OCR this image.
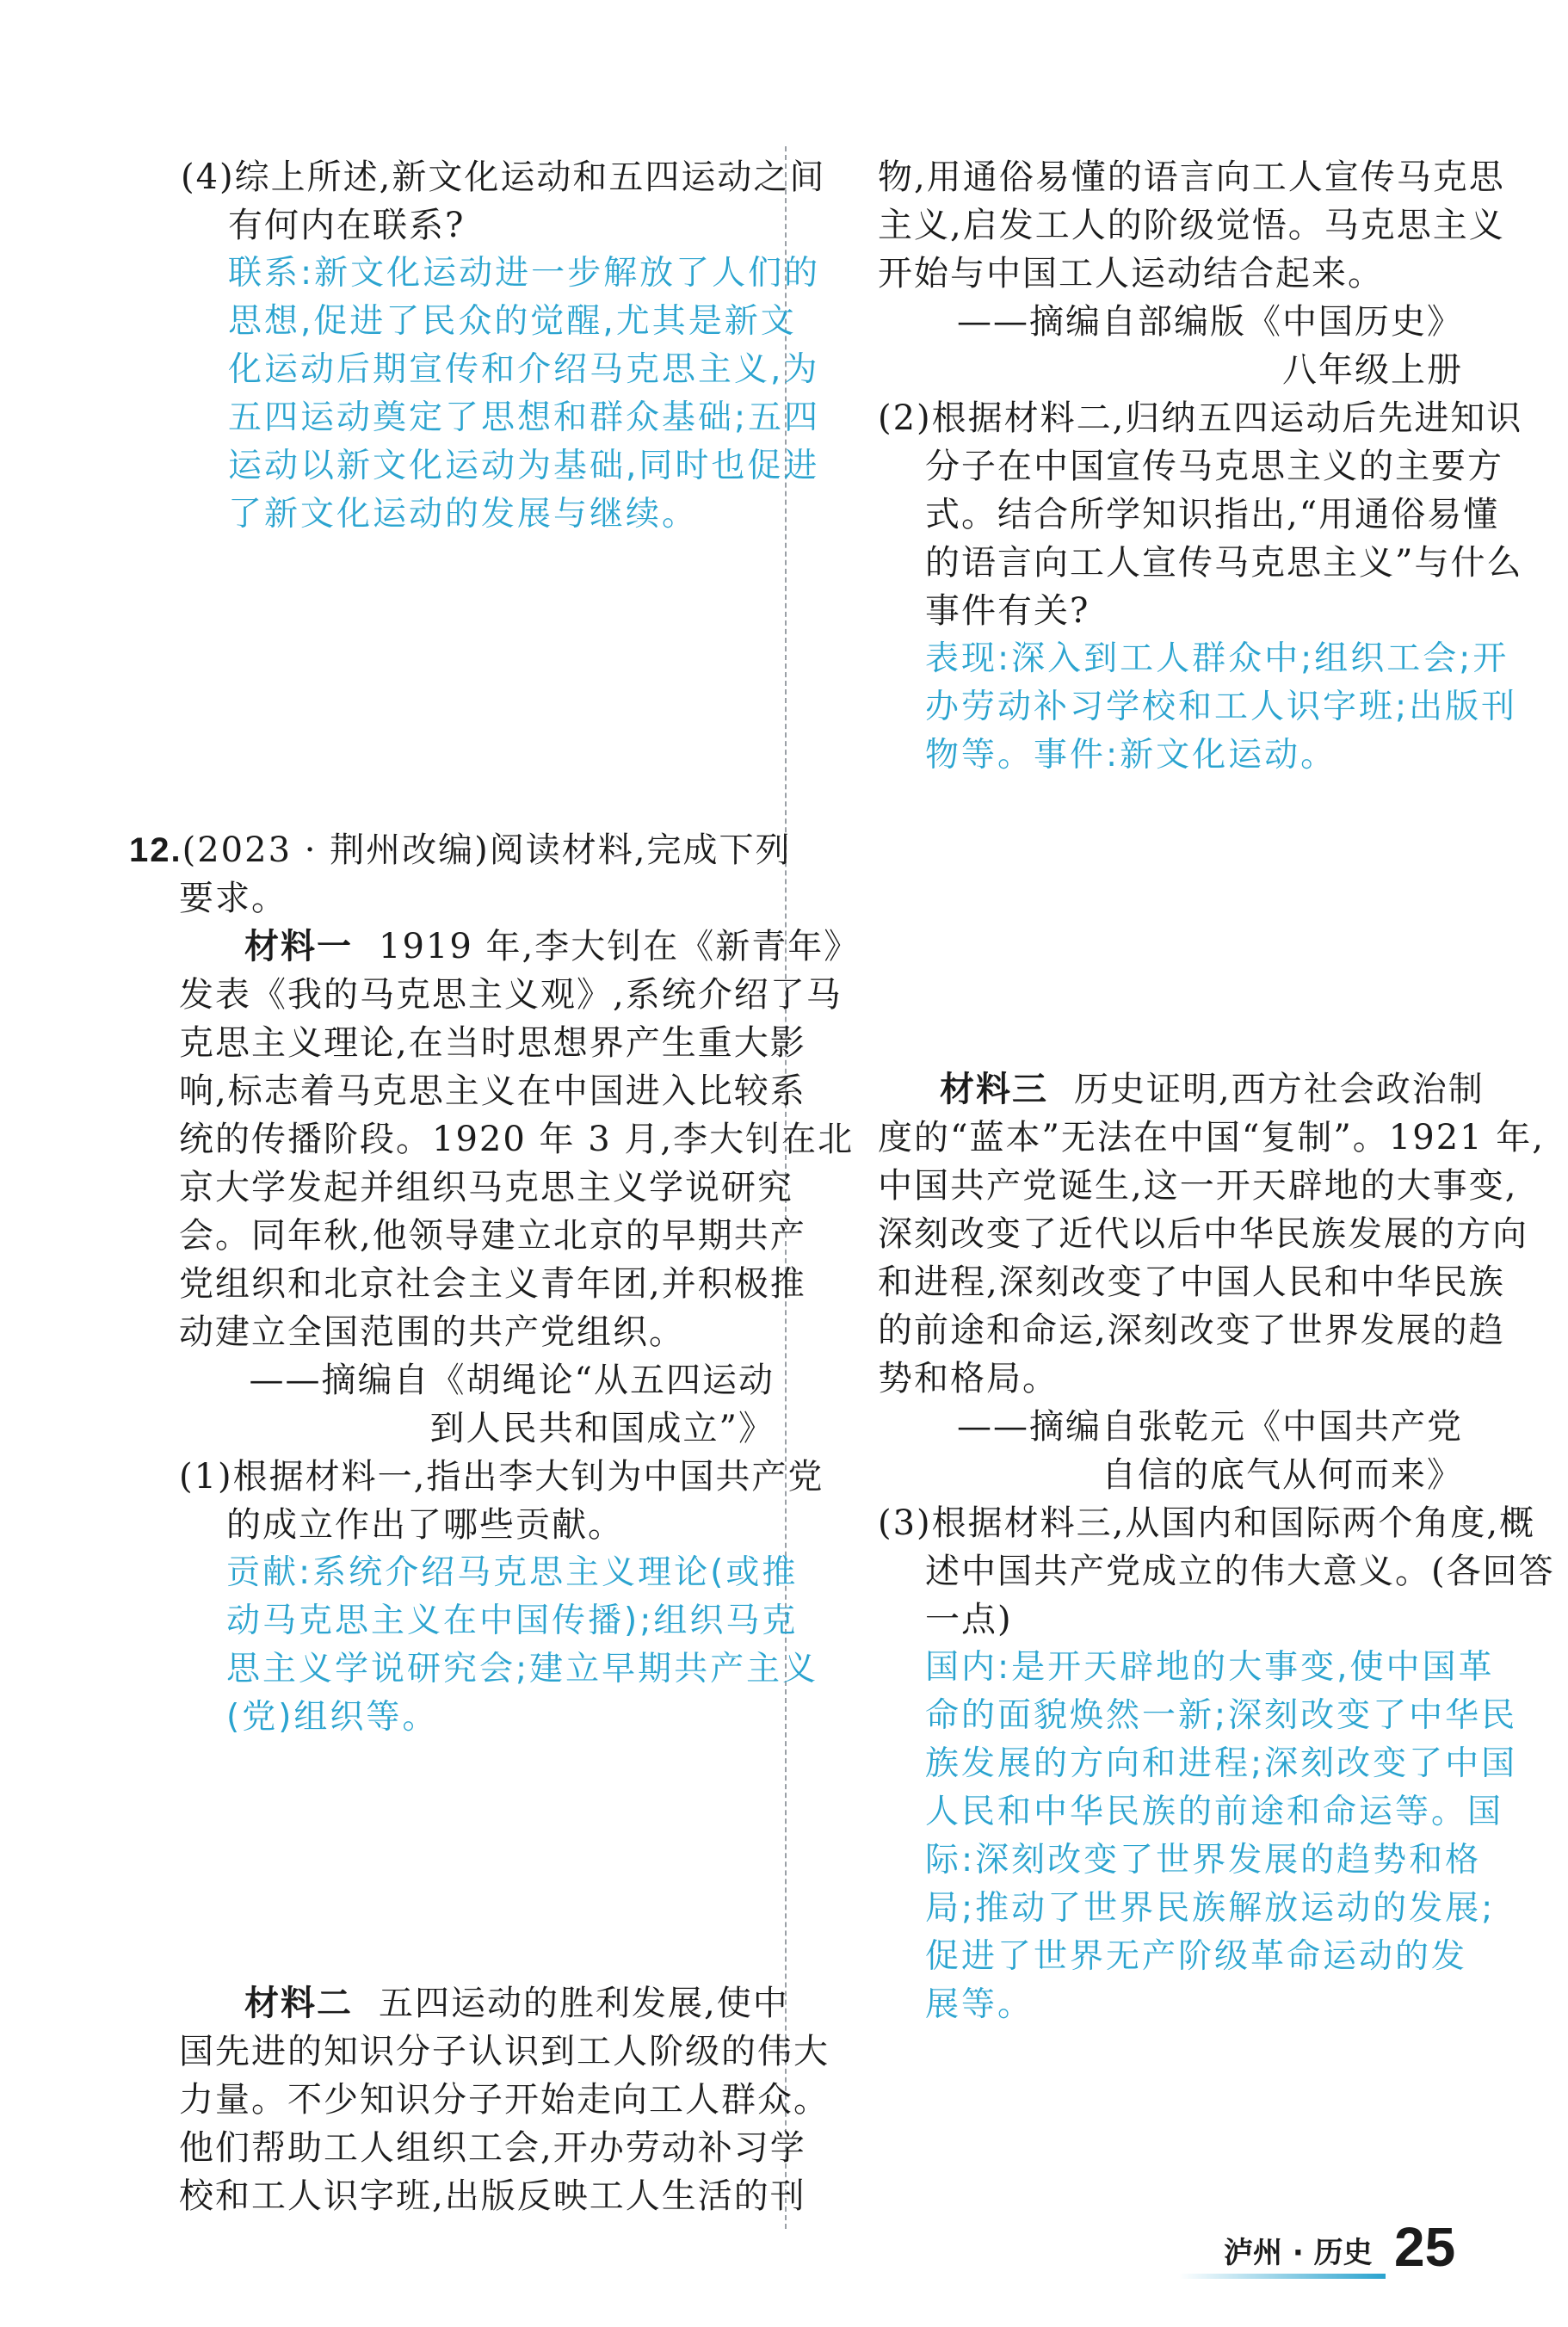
(4)综上所述,新文化运动和五四运动之间
有何内在联系?
联系:新文化运动进一步解放了人们的
思想,促进了民众的觉醒,尤其是新文
化运动后期宣传和介绍马克思主义,为
五四运动奠定了思想和群众基础;五四
运动以新文化运动为基础,同时也促进
了新文化运动的发展与继续。
12.(2023 · 荆州改编)阅读材料,完成下列
要求。
材料一 1919 年,李大钊在《新青年》
发表《我的马克思主义观》,系统介绍了马
克思主义理论,在当时思想界产生重大影
响,标志着马克思主义在中国进入比较系
统的传播阶段。1920 年 3 月,李大钊在北
京大学发起并组织马克思主义学说研究
会。同年秋,他领导建立北京的早期共产
党组织和北京社会主义青年团,并积极推
动建立全国范围的共产党组织。
——摘编自《胡绳论“从五四运动
到人民共和国成立”》
(1)根据材料一,指出李大钊为中国共产党
的成立作出了哪些贡献。
贡献:系统介绍马克思主义理论(或推
动马克思主义在中国传播);组织马克
思主义学说研究会;建立早期共产主义
(党)组织等。
材料二 五四运动的胜利发展,使中
国先进的知识分子认识到工人阶级的伟大
力量。不少知识分子开始走向工人群众。
他们帮助工人组织工会,开办劳动补习学
校和工人识字班,出版反映工人生活的刊
物,用通俗易懂的语言向工人宣传马克思
主义,启发工人的阶级觉悟。马克思主义
开始与中国工人运动结合起来。
——摘编自部编版《中国历史》
八年级上册
(2)根据材料二,归纳五四运动后先进知识
分子在中国宣传马克思主义的主要方
式。结合所学知识指出,“用通俗易懂
的语言向工人宣传马克思主义”与什么
事件有关?
表现:深入到工人群众中;组织工会;开
办劳动补习学校和工人识字班;出版刊
物等。事件:新文化运动。
材料三 历史证明,西方社会政治制
度的“蓝本”无法在中国“复制”。1921 年,
中国共产党诞生,这一开天辟地的大事变,
深刻改变了近代以后中华民族发展的方向
和进程,深刻改变了中国人民和中华民族
的前途和命运,深刻改变了世界发展的趋
势和格局。
——摘编自张乾元《中国共产党
自信的底气从何而来》
(3)根据材料三,从国内和国际两个角度,概
述中国共产党成立的伟大意义。(各回答
一点)
国内:是开天辟地的大事变,使中国革
命的面貌焕然一新;深刻改变了中华民
族发展的方向和进程;深刻改变了中国
人民和中华民族的前途和命运等。国
际:深刻改变了世界发展的趋势和格
局;推动了世界民族解放运动的发展;
促进了世界无产阶级革命运动的发
展等。
泸州 · 历史 25
